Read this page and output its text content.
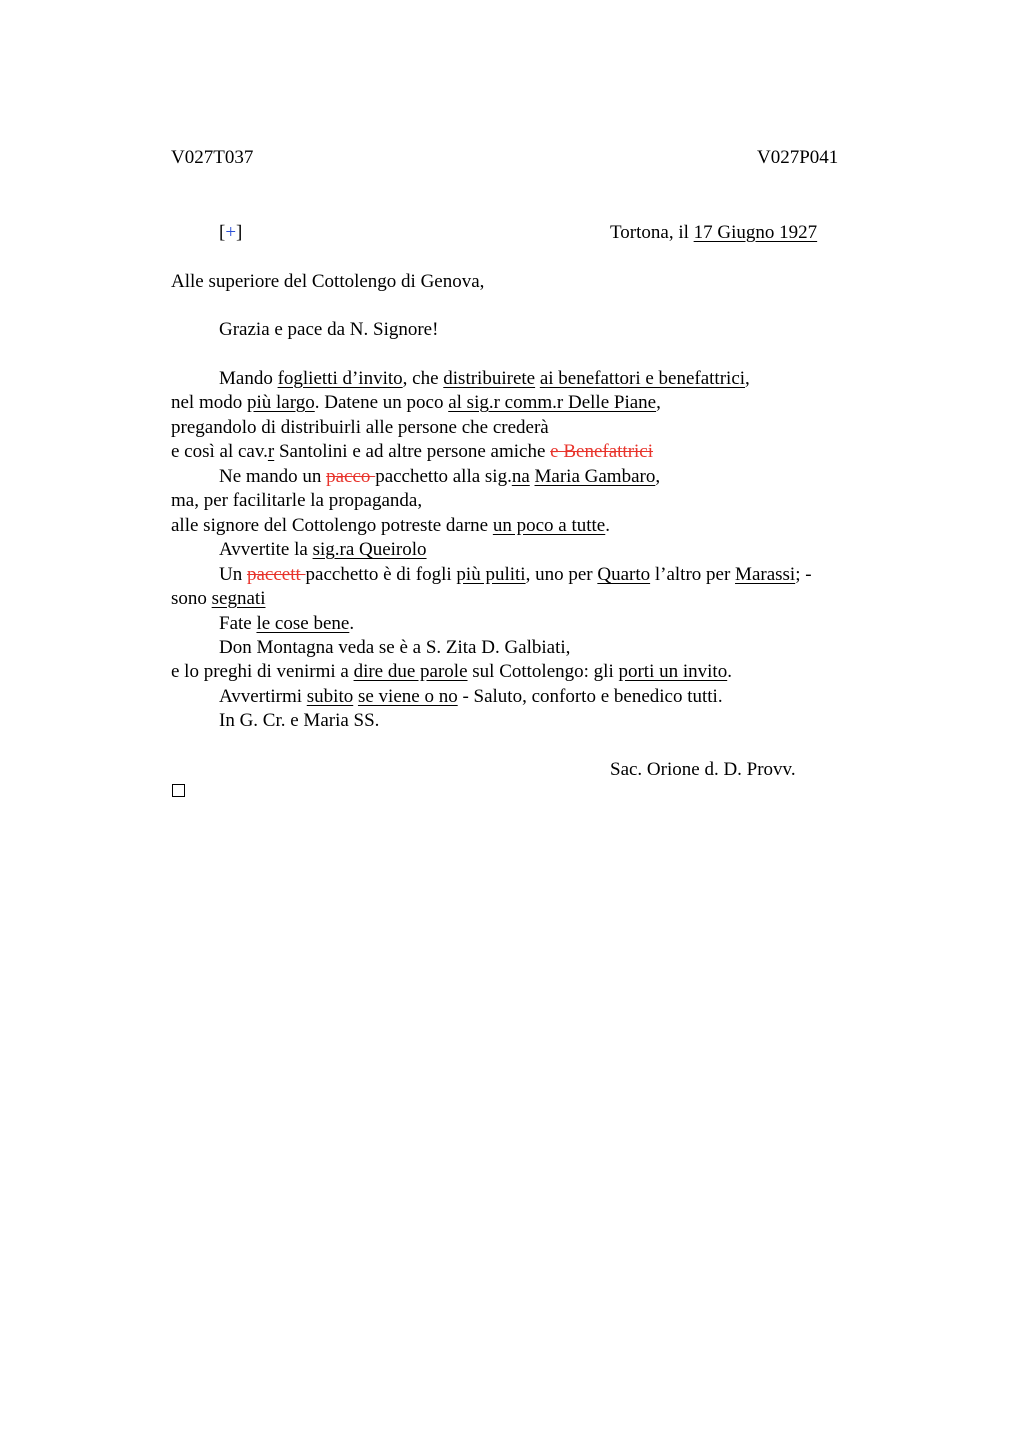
V027T037	V027P041
[+]	Tortona, il 17 Giugno 1927
Alle superiore del Cottolengo di Genova,
Grazia e pace da N. Signore!
Mando foglietti d’invito, che distribuirete ai benefattori e benefattrici,
nel modo più largo. Datene un poco al sig.r comm.r Delle Piane,
pregandolo di distribuirli alle persone che crederà
e così al cav.r Santolini e ad altre persone amiche e Benefattrici
Ne mando un pacco pacchetto alla sig.na Maria Gambaro,
ma, per facilitarle la propaganda,
alle signore del Cottolengo potreste darne un poco a tutte.
Avvertite la sig.ra Queirolo
Un paccett pacchetto è di fogli più puliti, uno per Quarto l’altro per Marassi; -
sono segnati
Fate le cose bene.
Don Montagna veda se è a S. Zita D. Galbiati,
e lo preghi di venirmi a dire due parole sul Cottolengo: gli porti un invito.
Avvertirmi subito se viene o no - Saluto, conforto e benedico tutti.
In G. Cr. e Maria SS.
Sac. Orione d. D. Provv.
